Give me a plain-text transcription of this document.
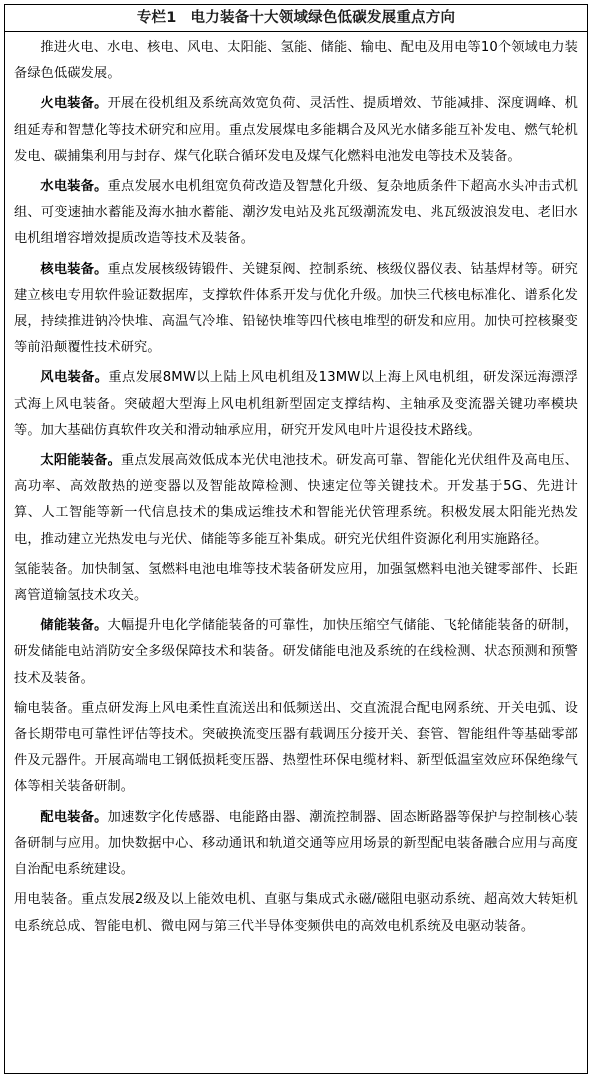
专栏1 电力装备十大领域绿色低碳发展重点方向
推进火电、水电、核电、风电、太阳能、氢能、储能、输电、配电及用电等10个领域电力装备绿色低碳发展。
火电装备。开展在役机组及系统高效宽负荷、灵活性、提质增效、节能减排、深度调峰、机组延寿和智慧化等技术研究和应用。重点发展煤电多能耦合及风光水储多能互补发电、燃气轮机发电、碳捕集利用与封存、煤气化联合循环发电及煤气化燃料电池发电等技术及装备。
水电装备。重点发展水电机组宽负荷改造及智慧化升级、复杂地质条件下超高水头冲击式机组、可变速抽水蓄能及海水抽水蓄能、潮汐发电站及兆瓦级潮流发电、兆瓦级波浪发电、老旧水电机组增容增效提质改造等技术及装备。
核电装备。重点发展核级铸锻件、关键泵阀、控制系统、核级仪器仪表、钴基焊材等。研究建立核电专用软件验证数据库，支撑软件体系开发与优化升级。加快三代核电标准化、谱系化发展，持续推进钠冷快堆、高温气冷堆、铅铋快堆等四代核电堆型的研发和应用。加快可控核聚变等前沿颠覆性技术研究。
风电装备。重点发展8MW以上陆上风电机组及13MW以上海上风电机组，研发深远海漂浮式海上风电装备。突破超大型海上风电机组新型固定支撑结构、主轴承及变流器关键功率模块等。加大基础仿真软件攻关和滑动轴承应用，研究开发风电叶片退役技术路线。
太阳能装备。重点发展高效低成本光伏电池技术。研发高可靠、智能化光伏组件及高电压、高功率、高效散热的逆变器以及智能故障检测、快速定位等关键技术。开发基于5G、先进计算、人工智能等新一代信息技术的集成运维技术和智能光伏管理系统。积极发展太阳能光热发电，推动建立光热发电与光伏、储能等多能互补集成。研究光伏组件资源化利用实施路径。
氢能装备。加快制氢、氢燃料电池电堆等技术装备研发应用，加强氢燃料电池关键零部件、长距离管道输氢技术攻关。
储能装备。大幅提升电化学储能装备的可靠性，加快压缩空气储能、飞轮储能装备的研制，研发储能电站消防安全多级保障技术和装备。研发储能电池及系统的在线检测、状态预测和预警技术及装备。
输电装备。重点研发海上风电柔性直流送出和低频送出、交直流混合配电网系统、开关电弧、设备长期带电可靠性评估等技术。突破换流变压器有载调压分接开关、套管、智能组件等基础零部件及元器件。开展高端电工钢低损耗变压器、热塑性环保电缆材料、新型低温室效应环保绝缘气体等相关装备研制。
配电装备。加速数字化传感器、电能路由器、潮流控制器、固态断路器等保护与控制核心装备研制与应用。加快数据中心、移动通讯和轨道交通等应用场景的新型配电装备融合应用与高度自治配电系统建设。
用电装备。重点发展2级及以上能效电机、直驱与集成式永磁/磁阻电驱动系统、超高效大转矩机电系统总成、智能电机、微电网与第三代半导体变频供电的高效电机系统及电驱动装备。
